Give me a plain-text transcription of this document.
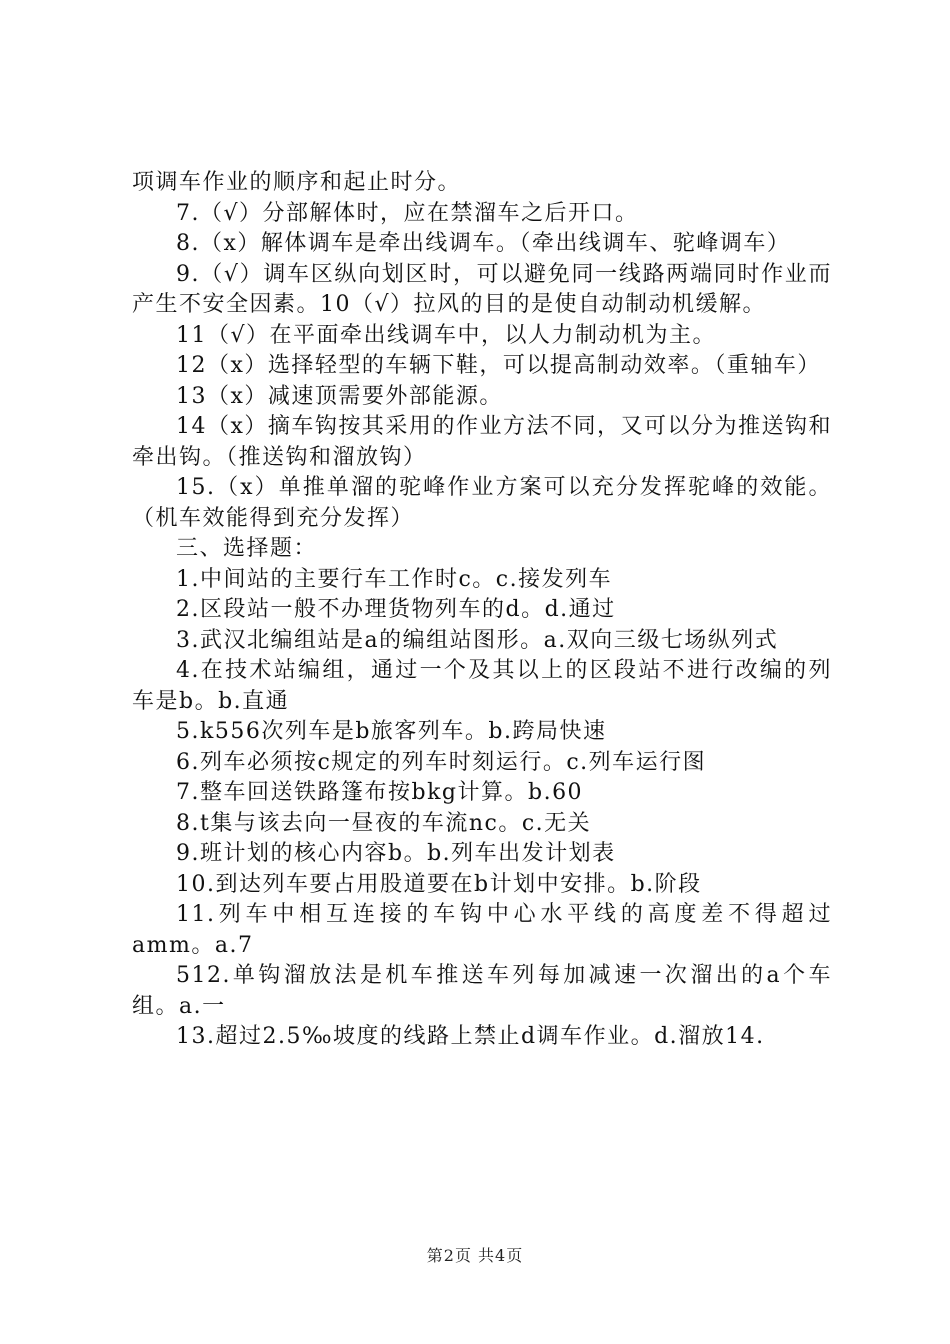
项调车作业的顺序和起止时分。

7.（√）分部解体时，应在禁溜车之后开口。

8.（x）解体调车是牵出线调车。（牵出线调车、驼峰调车）

9.（√）调车区纵向划区时，可以避免同一线路两端同时作业而产生不安全因素。10（√）拉风的目的是使自动制动机缓解。

11（√）在平面牵出线调车中，以人力制动机为主。

12（x）选择轻型的车辆下鞋，可以提高制动效率。（重轴车）

13（x）减速顶需要外部能源。

14（x）摘车钩按其采用的作业方法不同，又可以分为推送钩和牵出钩。（推送钩和溜放钩）

15.（x）单推单溜的驼峰作业方案可以充分发挥驼峰的效能。（机车效能得到充分发挥）

三、选择题：

1.中间站的主要行车工作时c。c.接发列车

2.区段站一般不办理货物列车的d。d.通过

3.武汉北编组站是a的编组站图形。a.双向三级七场纵列式

4.在技术站编组，通过一个及其以上的区段站不进行改编的列车是b。b.直通

5.k556次列车是b旅客列车。b.跨局快速

6.列车必须按c规定的列车时刻运行。c.列车运行图

7.整车回送铁路篷布按bkg计算。b.60

8.t集与该去向一昼夜的车流nc。c.无关

9.班计划的核心内容b。b.列车出发计划表

10.到达列车要占用股道要在b计划中安排。b.阶段

11.列车中相互连接的车钩中心水平线的高度差不得超过amm。a.7

512.单钩溜放法是机车推送车列每加减速一次溜出的a个车组。a.一

13.超过2.5‰坡度的线路上禁止d调车作业。d.溜放14.

第2页 共4页
